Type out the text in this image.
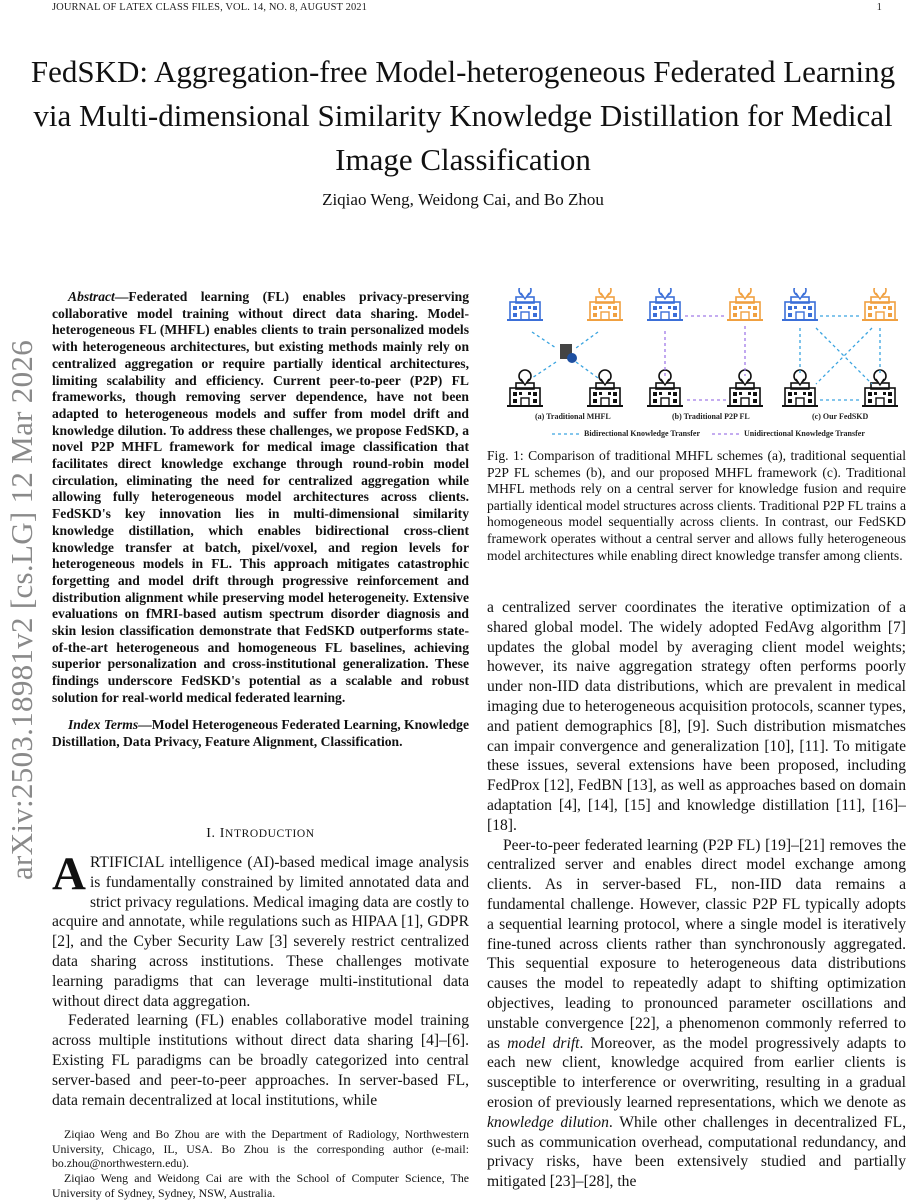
JOURNAL OF LATEX CLASS FILES, VOL. 14, NO. 8, AUGUST 2021	1
FedSKD: Aggregation-free Model-heterogeneous Federated Learning via Multi-dimensional Similarity Knowledge Distillation for Medical Image Classification
Ziqiao Weng, Weidong Cai, and Bo Zhou
arXiv:2503.18981v2 [cs.LG] 12 Mar 2026

Abstract—Federated learning (FL) enables privacy-preserving collaborative model training without direct data sharing. Model-heterogeneous FL (MHFL) enables clients to train personalized models with heterogeneous architectures, but existing methods mainly rely on centralized aggregation or require partially identical architectures, limiting scalability and efficiency. Current peer-to-peer (P2P) FL frameworks, though removing server dependence, have not been adapted to heterogeneous models and suffer from model drift and knowledge dilution. To address these challenges, we propose FedSKD, a novel P2P MHFL framework for medical image classification that facilitates direct knowledge exchange through round-robin model circulation, eliminating the need for centralized aggregation while allowing fully heterogeneous model architectures across clients. FedSKD's key innovation lies in multi-dimensional similarity knowledge distillation, which enables bidirectional cross-client knowledge transfer at batch, pixel/voxel, and region levels for heterogeneous models in FL. This approach mitigates catastrophic forgetting and model drift through progressive reinforcement and distribution alignment while preserving model heterogeneity. Extensive evaluations on fMRI-based autism spectrum disorder diagnosis and skin lesion classification demonstrate that FedSKD outperforms state-of-the-art heterogeneous and homogeneous FL baselines, achieving superior personalization and cross-institutional generalization. These findings underscore FedSKD's potential as a scalable and robust solution for real-world medical federated learning.

Index Terms—Model Heterogeneous Federated Learning, Knowledge Distillation, Data Privacy, Feature Alignment, Classification.

I. INTRODUCTION

ARTIFICIAL intelligence (AI)-based medical image analysis is fundamentally constrained by limited annotated data and strict privacy regulations. Medical imaging data are costly to acquire and annotate, while regulations such as HIPAA [1], GDPR [2], and the Cyber Security Law [3] severely restrict centralized data sharing across institutions. These challenges motivate learning paradigms that can leverage multi-institutional data without direct data aggregation.

Federated learning (FL) enables collaborative model training across multiple institutions without direct data sharing [4]–[6]. Existing FL paradigms can be broadly categorized into central server-based and peer-to-peer approaches. In server-based FL, data remain decentralized at local institutions, while

Ziqiao Weng and Bo Zhou are with the Department of Radiology, Northwestern University, Chicago, IL, USA. Bo Zhou is the corresponding author (e-mail: bo.zhou@northwestern.edu).

Ziqiao Weng and Weidong Cai are with the School of Computer Science, The University of Sydney, Sydney, NSW, Australia.

(a) Traditional MHFL	(b) Traditional P2P FL	(c) Our FedSKD
Bidirectional Knowledge Transfer	Unidirectional Knowledge Transfer

Fig. 1: Comparison of traditional MHFL schemes (a), traditional sequential P2P FL schemes (b), and our proposed MHFL framework (c). Traditional MHFL methods rely on a central server for knowledge fusion and require partially identical model structures across clients. Traditional P2P FL trains a homogeneous model sequentially across clients. In contrast, our FedSKD framework operates without a central server and allows fully heterogeneous model architectures while enabling direct knowledge transfer among clients.

a centralized server coordinates the iterative optimization of a shared global model. The widely adopted FedAvg algorithm [7] updates the global model by averaging client model weights; however, its naive aggregation strategy often performs poorly under non-IID data distributions, which are prevalent in medical imaging due to heterogeneous acquisition protocols, scanner types, and patient demographics [8], [9]. Such distribution mismatches can impair convergence and generalization [10], [11]. To mitigate these issues, several extensions have been proposed, including FedProx [12], FedBN [13], as well as approaches based on domain adaptation [4], [14], [15] and knowledge distillation [11], [16]–[18].

Peer-to-peer federated learning (P2P FL) [19]–[21] removes the centralized server and enables direct model exchange among clients. As in server-based FL, non-IID data remains a fundamental challenge. However, classic P2P FL typically adopts a sequential learning protocol, where a single model is iteratively fine-tuned across clients rather than synchronously aggregated. This sequential exposure to heterogeneous data distributions causes the model to repeatedly adapt to shifting optimization objectives, leading to pronounced parameter oscillations and unstable convergence [22], a phenomenon commonly referred to as model drift. Moreover, as the model progressively adapts to each new client, knowledge acquired from earlier clients is susceptible to interference or overwriting, resulting in a gradual erosion of previously learned representations, which we denote as knowledge dilution. While other challenges in decentralized FL, such as communication overhead, computational redundancy, and privacy risks, have been extensively studied and partially mitigated [23]–[28], the
